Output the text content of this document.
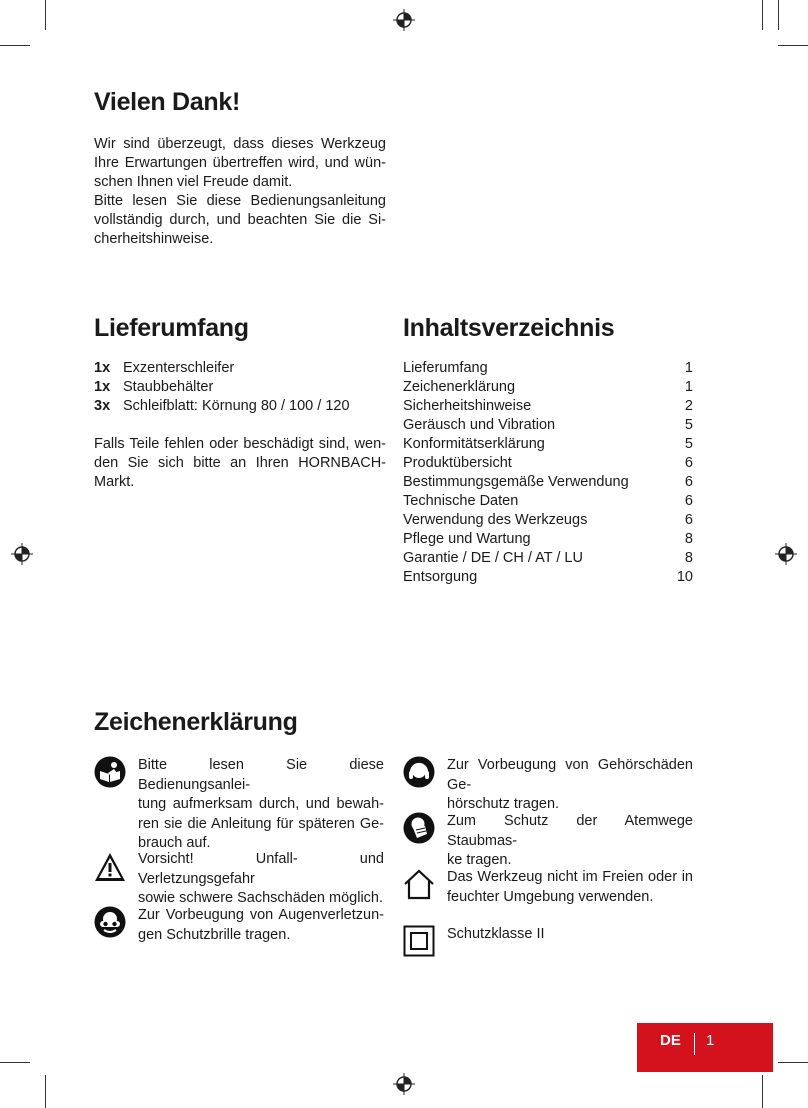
Vielen Dank!
Wir sind überzeugt, dass dieses Werkzeug
Ihre Erwartungen übertreffen wird, und wün-
schen Ihnen viel Freude damit.
Bitte lesen Sie diese Bedienungsanleitung
vollständig durch, und beachten Sie die Si-
cherheitshinweise.
Lieferumfang
1x Exzenterschleifer
1x Staubbehälter
3x Schleifblatt: Körnung 80 / 100 / 120
Falls Teile fehlen oder beschädigt sind, wen-
den Sie sich bitte an Ihren HORNBACH-Markt.
Inhaltsverzeichnis
Lieferumfang	1
Zeichenerklärung	1
Sicherheitshinweise	2
Geräusch und Vibration	5
Konformitätserklärung	5
Produktübersicht	6
Bestimmungsgemäße Verwendung	6
Technische Daten	6
Verwendung des Werkzeugs	6
Pflege und Wartung	8
Garantie / DE / CH / AT / LU	8
Entsorgung	10
Zeichenerklärung
Bitte lesen Sie diese Bedienungsanlei-
tung aufmerksam durch, und bewah-
ren sie die Anleitung für späteren Ge-
brauch auf.
Vorsicht! Unfall- und Verletzungsgefahr
sowie schwere Sachschäden möglich.
Zur Vorbeugung von Augenverletzun-
gen Schutzbrille tragen.
Zur Vorbeugung von Gehörschäden Ge-
hörschutz tragen.
Zum Schutz der Atemwege Staubmas-
ke tragen.
Das Werkzeug nicht im Freien oder in
feuchter Umgebung verwenden.
Schutzklasse II
DE 1
